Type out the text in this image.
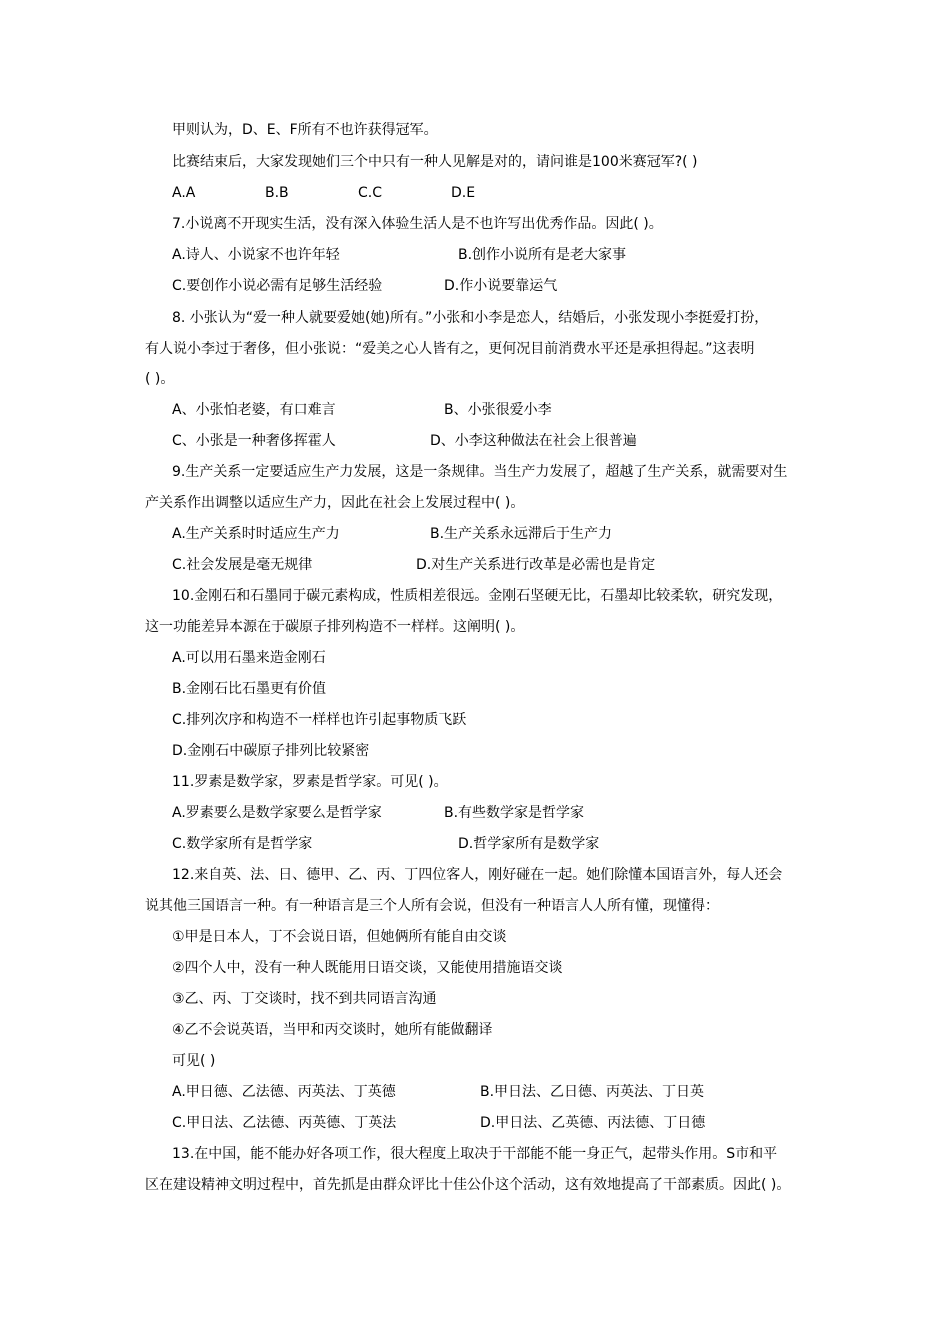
甲则认为，D、E、F所有不也许获得冠军。
比赛结束后，大家发现她们三个中只有一种人见解是对的，请问谁是100米赛冠军?( )
A.A	B.B	C.C	D.E
7.小说离不开现实生活，没有深入体验生活人是不也许写出优秀作品。因此( )。
A.诗人、小说家不也许年轻	B.创作小说所有是老大家事
C.要创作小说必需有足够生活经验	D.作小说要靠运气
8. 小张认为“爱一种人就要爱她(她)所有。”小张和小李是恋人，结婚后，小张发现小李挺爱打扮，
有人说小李过于奢侈，但小张说：“爱美之心人皆有之，更何况目前消费水平还是承担得起。”这表明
( )。
A、小张怕老婆，有口难言	B、小张很爱小李
C、小张是一种奢侈挥霍人	D、小李这种做法在社会上很普遍
9.生产关系一定要适应生产力发展，这是一条规律。当生产力发展了，超越了生产关系，就需要对生
产关系作出调整以适应生产力，因此在社会上发展过程中( )。
A.生产关系时时适应生产力	B.生产关系永远滞后于生产力
C.社会发展是毫无规律	D.对生产关系进行改革是必需也是肯定
10.金刚石和石墨同于碳元素构成，性质相差很远。金刚石坚硬无比，石墨却比较柔软，研究发现，
这一功能差异本源在于碳原子排列构造不一样样。这阐明( )。
A.可以用石墨来造金刚石
B.金刚石比石墨更有价值
C.排列次序和构造不一样样也许引起事物质飞跃
D.金刚石中碳原子排列比较紧密
11.罗素是数学家，罗素是哲学家。可见( )。
A.罗素要么是数学家要么是哲学家	B.有些数学家是哲学家
C.数学家所有是哲学家	D.哲学家所有是数学家
12.来自英、法、日、德甲、乙、丙、丁四位客人，刚好碰在一起。她们除懂本国语言外，每人还会
说其他三国语言一种。有一种语言是三个人所有会说，但没有一种语言人人所有懂，现懂得：
①甲是日本人，丁不会说日语，但她俩所有能自由交谈
②四个人中，没有一种人既能用日语交谈，又能使用措施语交谈
③乙、丙、丁交谈时，找不到共同语言沟通
④乙不会说英语，当甲和丙交谈时，她所有能做翻译
可见( )
A.甲日德、乙法德、丙英法、丁英德	B.甲日法、乙日德、丙英法、丁日英
C.甲日法、乙法德、丙英德、丁英法	D.甲日法、乙英德、丙法德、丁日德
13.在中国，能不能办好各项工作，很大程度上取决于干部能不能一身正气，起带头作用。S市和平
区在建设精神文明过程中，首先抓是由群众评比十佳公仆这个活动，这有效地提高了干部素质。因此( )。
